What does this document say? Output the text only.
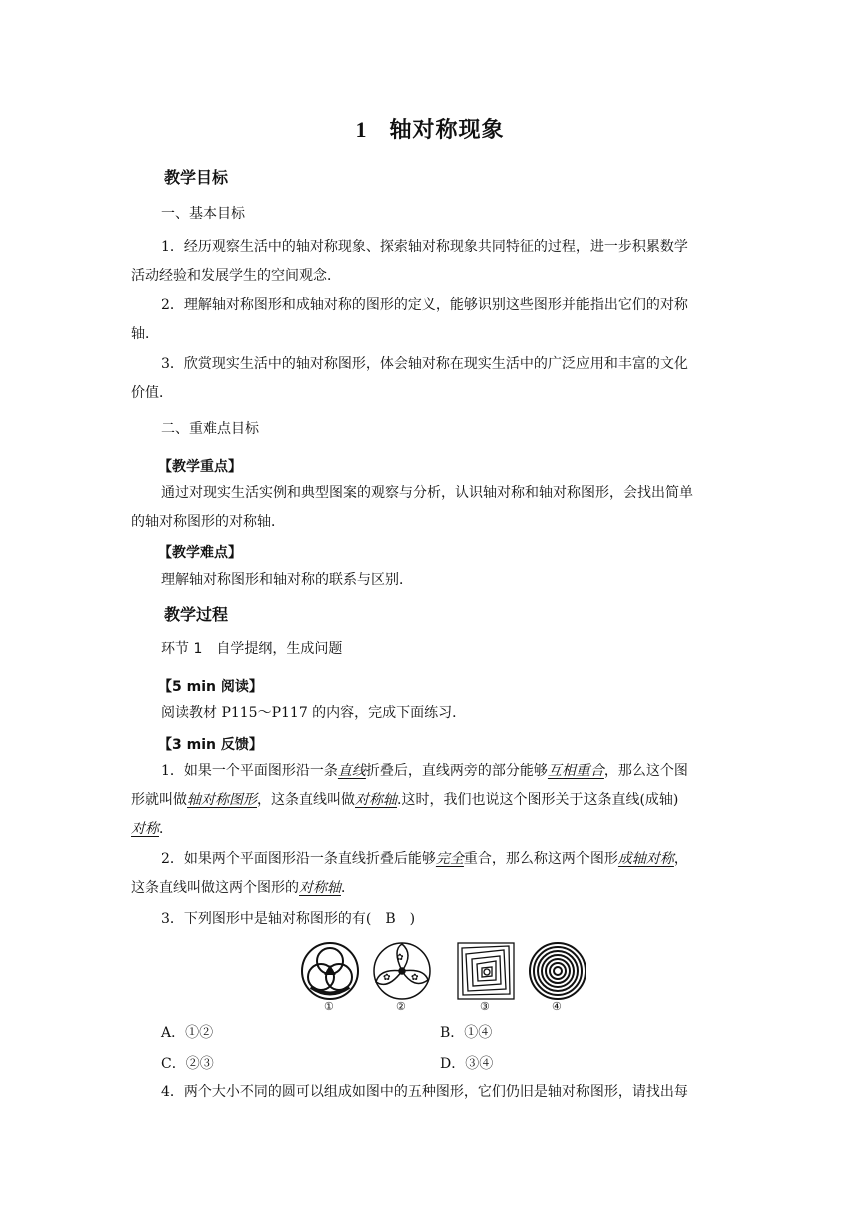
1 轴对称现象
教学目标
一、基本目标
1．经历观察生活中的轴对称现象、探索轴对称现象共同特征的过程，进一步积累数学
活动经验和发展学生的空间观念．
2．理解轴对称图形和成轴对称的图形的定义，能够识别这些图形并能指出它们的对称
轴．
3．欣赏现实生活中的轴对称图形，体会轴对称在现实生活中的广泛应用和丰富的文化
价值．
二、重难点目标
【教学重点】
通过对现实生活实例和典型图案的观察与分析，认识轴对称和轴对称图形，会找出简单
的轴对称图形的对称轴．
【教学难点】
理解轴对称图形和轴对称的联系与区别．
教学过程
环节 1　自学提纲，生成问题
【5 min 阅读】
阅读教材 P115～P117 的内容，完成下面练习．
【3 min 反馈】
1．如果一个平面图形沿一条直线折叠后，直线两旁的部分能够互相重合，那么这个图
形就叫做轴对称图形，这条直线叫做对称轴.这时，我们也说这个图形关于这条直线(成轴)
对称．
2．如果两个平面图形沿一条直线折叠后能够完全重合，那么称这两个图形成轴对称，
这条直线叫做这两个图形的对称轴．
3．下列图形中是轴对称图形的有(　B　)
✿
✿
✿
①	②	③	④
A．①②	B．①④
C．②③	D．③④
4．两个大小不同的圆可以组成如图中的五种图形，它们仍旧是轴对称图形，请找出每
